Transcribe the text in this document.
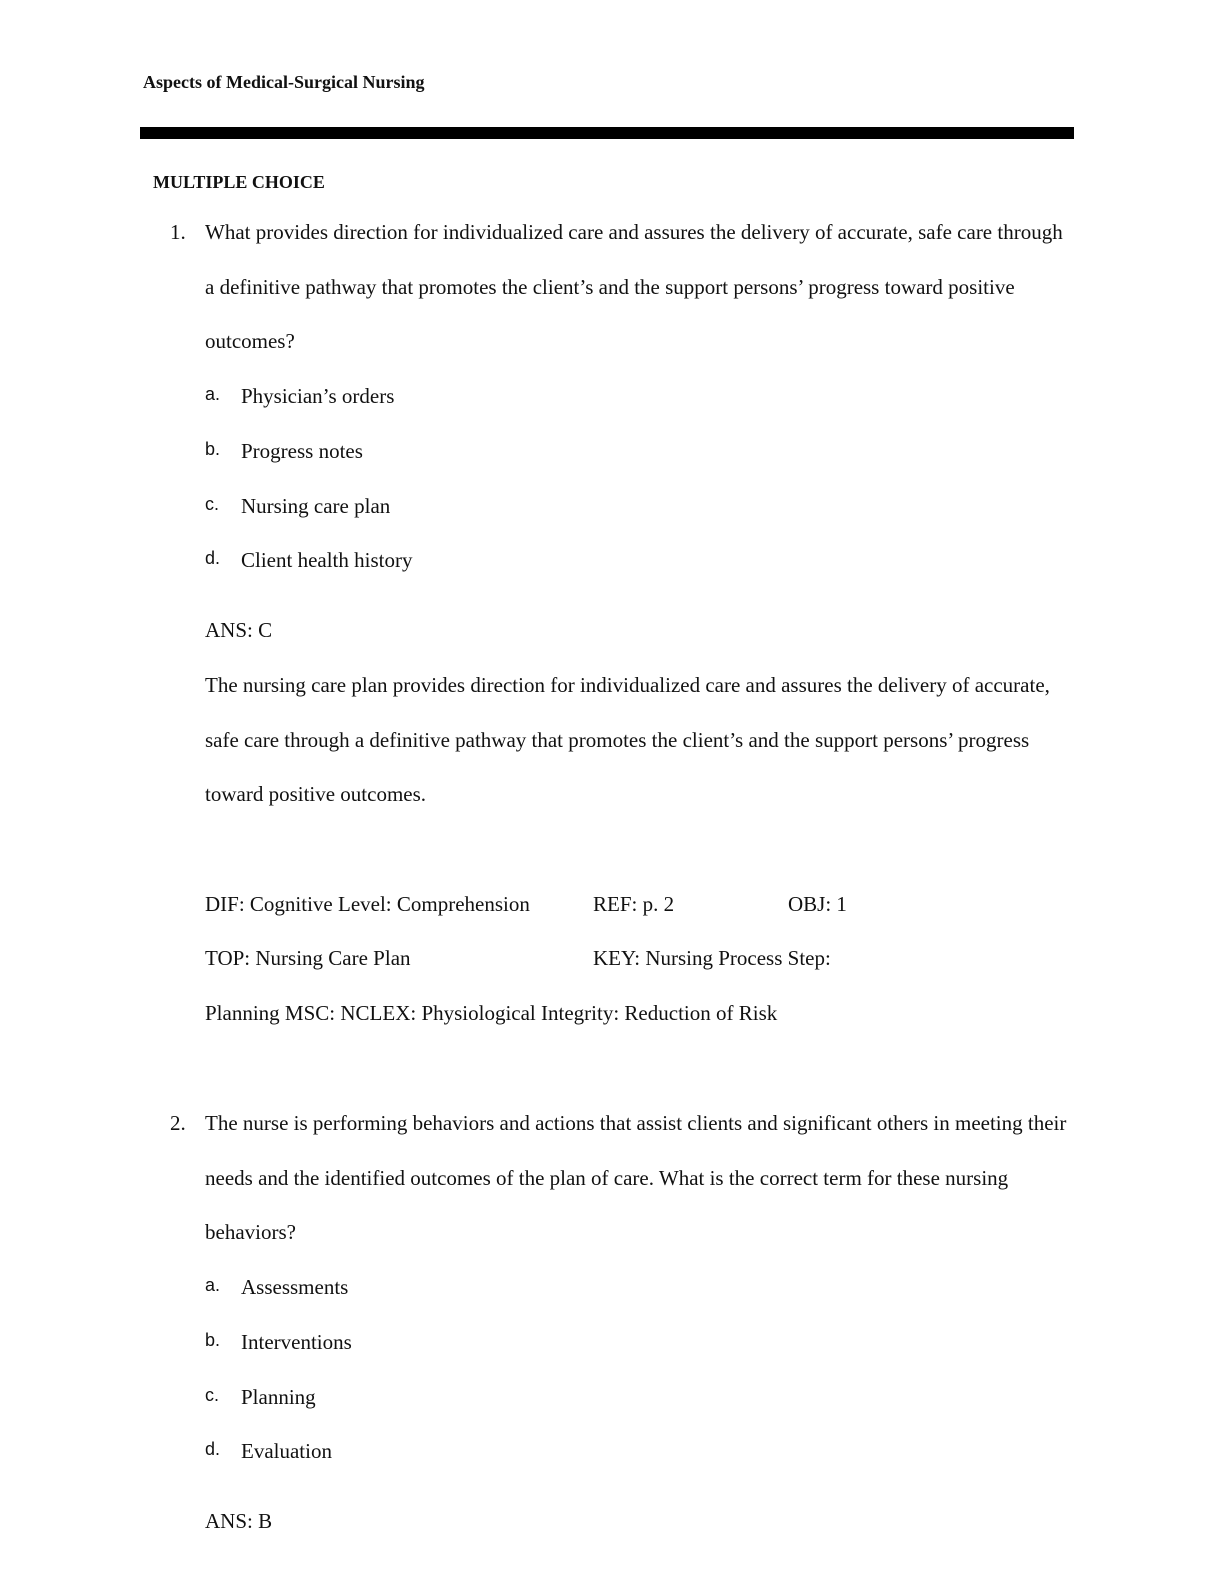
Aspects of Medical-Surgical Nursing
MULTIPLE CHOICE
1. What provides direction for individualized care and assures the delivery of accurate, safe care through a definitive pathway that promotes the client’s and the support persons’ progress toward positive outcomes?
a. Physician’s orders
b. Progress notes
c. Nursing care plan
d. Client health history
ANS: C
The nursing care plan provides direction for individualized care and assures the delivery of accurate, safe care through a definitive pathway that promotes the client’s and the support persons’ progress toward positive outcomes.
DIF: Cognitive Level: Comprehension	REF: p. 2	OBJ: 1
TOP: Nursing Care Plan	KEY: Nursing Process Step:
Planning MSC: NCLEX: Physiological Integrity: Reduction of Risk
2. The nurse is performing behaviors and actions that assist clients and significant others in meeting their needs and the identified outcomes of the plan of care. What is the correct term for these nursing behaviors?
a. Assessments
b. Interventions
c. Planning
d. Evaluation
ANS: B
